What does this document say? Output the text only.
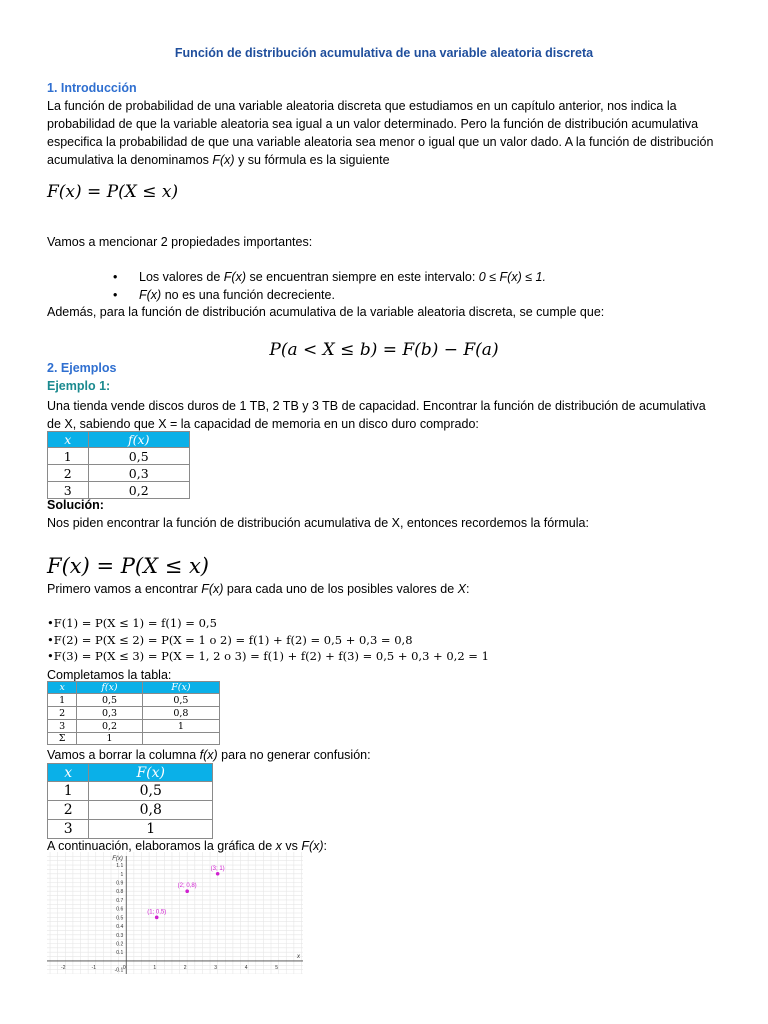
Función de distribución acumulativa de una variable aleatoria discreta
1. Introducción
La función de probabilidad de una variable aleatoria discreta que estudiamos en un capítulo anterior, nos indica la probabilidad de que la variable aleatoria sea igual a un valor determinado. Pero la función de distribución acumulativa especifica la probabilidad de que una variable aleatoria sea menor o igual que un valor dado. A la función de distribución acumulativa la denominamos F(x) y su fórmula es la siguiente
F(x) = P(X ≤ x)
Vamos a mencionar 2 propiedades importantes:
• Los valores de F(x) se encuentran siempre en este intervalo: 0 ≤ F(x) ≤ 1.
• F(x) no es una función decreciente.
Además, para la función de distribución acumulativa de la variable aleatoria discreta, se cumple que:
P(a < X ≤ b) = F(b) − F(a)
2. Ejemplos
Ejemplo 1:
Una tienda vende discos duros de 1 TB, 2 TB y 3 TB de capacidad. Encontrar la función de distribución de acumulativa de X, sabiendo que X = la capacidad de memoria en un disco duro comprado:
x	f(x)
1	0,5
2	0,3
3	0,2
Solución:
Nos piden encontrar la función de distribución acumulativa de X, entonces recordemos la fórmula:
F(x) = P(X ≤ x)
Primero vamos a encontrar F(x) para cada uno de los posibles valores de X:
•F(1) = P(X ≤ 1) = f(1) = 0,5
•F(2) = P(X ≤ 2) = P(X = 1 o 2) = f(1) + f(2) = 0,5 + 0,3 = 0,8
•F(3) = P(X ≤ 3) = P(X = 1, 2 o 3) = f(1) + f(2) + f(3) = 0,5 + 0,3 + 0,2 = 1
Completamos la tabla:
x	f(x)	F(x)
1	0,5	0,5
2	0,3	0,8
3	0,2	1
Σ	1	
Vamos a borrar la columna f(x) para no generar confusión:
x	F(x)
1	0,5
2	0,8
3	1
A continuación, elaboramos la gráfica de x vs F(x):
-2	-1	0	1	2	3	4	5
-0.1
0.1
0.2
0.3
0.4
0.5
0.6
0.7
0.8
0.9
1
1.1
x
F(x)
(1; 0,5)
(2; 0,8)
(3; 1)
